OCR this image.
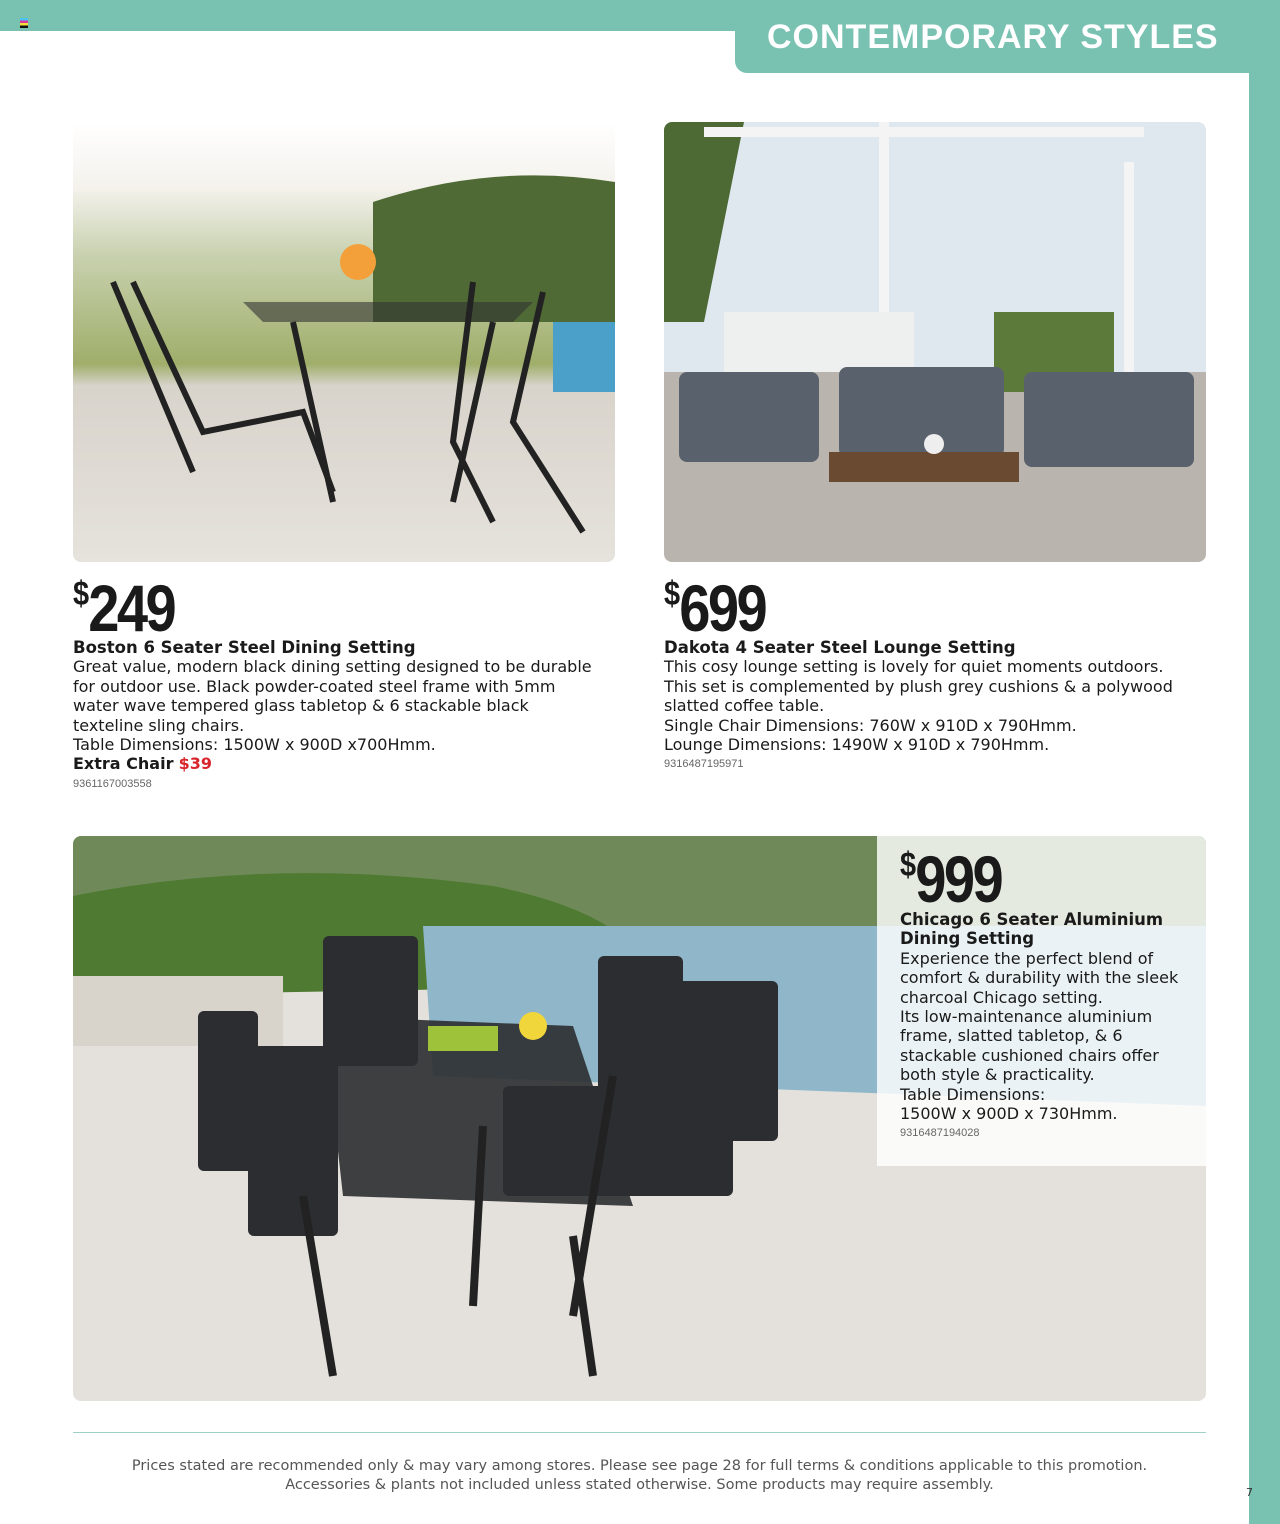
CONTEMPORARY STYLES
$249
Boston 6 Seater Steel Dining Setting
Great value, modern black dining setting designed to be durable
for outdoor use. Black powder-coated steel frame with 5mm
water wave tempered glass tabletop & 6 stackable black
texteline sling chairs.
Table Dimensions: 1500W x 900D x700Hmm.
Extra Chair $39
9361167003558
$699
Dakota 4 Seater Steel Lounge Setting
This cosy lounge setting is lovely for quiet moments outdoors.
This set is complemented by plush grey cushions & a polywood
slatted coffee table.
Single Chair Dimensions: 760W x 910D x 790Hmm.
Lounge Dimensions: 1490W x 910D x 790Hmm.
9316487195971
$999
Chicago 6 Seater Aluminium
Dining Setting
Experience the perfect blend of
comfort & durability with the sleek
charcoal Chicago setting.
Its low-maintenance aluminium
frame, slatted tabletop, & 6
stackable cushioned chairs offer
both style & practicality.
Table Dimensions:
1500W x 900D x 730Hmm.
9316487194028
Prices stated are recommended only & may vary among stores. Please see page 28 for full terms & conditions applicable to this promotion.
Accessories & plants not included unless stated otherwise. Some products may require assembly.	7
